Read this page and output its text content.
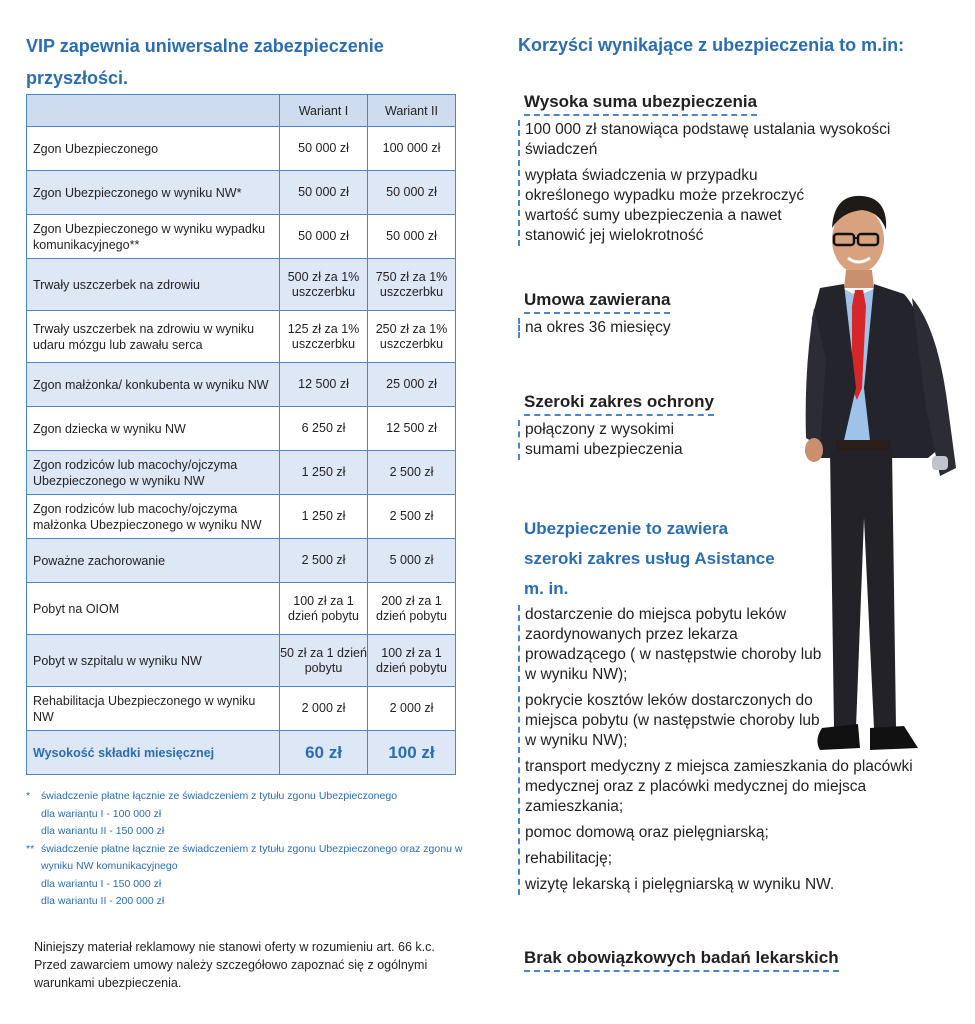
VIP zapewnia uniwersalne zabezpieczenie przyszłości.
	Wariant I	Wariant II
Zgon Ubezpieczonego	50 000 zł	100 000 zł
Zgon Ubezpieczonego w wyniku NW*	50 000 zł	50 000 zł
Zgon Ubezpieczonego w wyniku wypadku komunikacyjnego**	50 000 zł	50 000 zł
Trwały uszczerbek na zdrowiu	500 zł za 1% uszczerbku	750 zł za 1% uszczerbku
Trwały uszczerbek na zdrowiu w wyniku udaru mózgu lub zawału serca	125 zł za 1% uszczerbku	250 zł za 1% uszczerbku
Zgon małżonka/ konkubenta w wyniku NW	12 500 zł	25 000 zł
Zgon dziecka w wyniku NW	6 250 zł	12 500 zł
Zgon rodziców lub macochy/ojczyma Ubezpieczonego w wyniku NW	1 250 zł	2 500 zł
Zgon rodziców lub macochy/ojczyma małżonka Ubezpieczonego w wyniku NW	1 250 zł	2 500 zł
Poważne zachorowanie	2 500 zł	5 000 zł
Pobyt na OIOM	100 zł za 1 dzień pobytu	200 zł za 1 dzień pobytu
Pobyt w szpitalu w wyniku NW	50 zł za 1 dzień pobytu	100 zł za 1 dzień pobytu
Rehabilitacja Ubezpieczonego w wyniku NW	2 000 zł	2 000 zł
Wysokość składki miesięcznej	60 zł	100 zł
*	świadczenie płatne łącznie ze świadczeniem z tytułu zgonu Ubezpieczonego
dla wariantu I - 100 000 zł
dla wariantu II - 150 000 zł
** świadczenie płatne łącznie ze świadczeniem z tytułu zgonu Ubezpieczonego oraz zgonu w wyniku NW komunikacyjnego
dla wariantu I - 150 000 zł
dla wariantu II - 200 000 zł
Niniejszy materiał reklamowy nie stanowi oferty w rozumieniu art. 66 k.c. Przed zawarciem umowy należy szczegółowo zapoznać się z ogólnymi warunkami ubezpieczenia.
Korzyści wynikające z ubezpieczenia to m.in:
Wysoka suma ubezpieczenia

100 000 zł stanowiąca podstawę ustalania wysokości świadczeń

wypłata świadczenia w przypadku określonego wypadku może przekroczyć wartość sumy ubezpieczenia a nawet stanowić jej wielokrotność

Umowa zawierana

na okres 36 miesięcy

Szeroki zakres ochrony

połączony z wysokimi sumami ubezpieczenia

Ubezpieczenie to zawiera szeroki zakres usług Asistance m. in.

dostarczenie do miejsca pobytu leków zaordynowanych przez lekarza prowadzącego ( w następstwie choroby lub w wyniku NW);

pokrycie kosztów leków dostarczonych do miejsca pobytu (w następstwie choroby lub w wyniku NW);

transport medyczny z miejsca zamieszkania do placówki medycznej oraz z placówki medycznej do miejsca zamieszkania;

pomoc domową oraz pielęgniarską;

rehabilitację;

wizytę lekarską i pielęgniarską w wyniku NW.

Brak obowiązkowych badań lekarskich
